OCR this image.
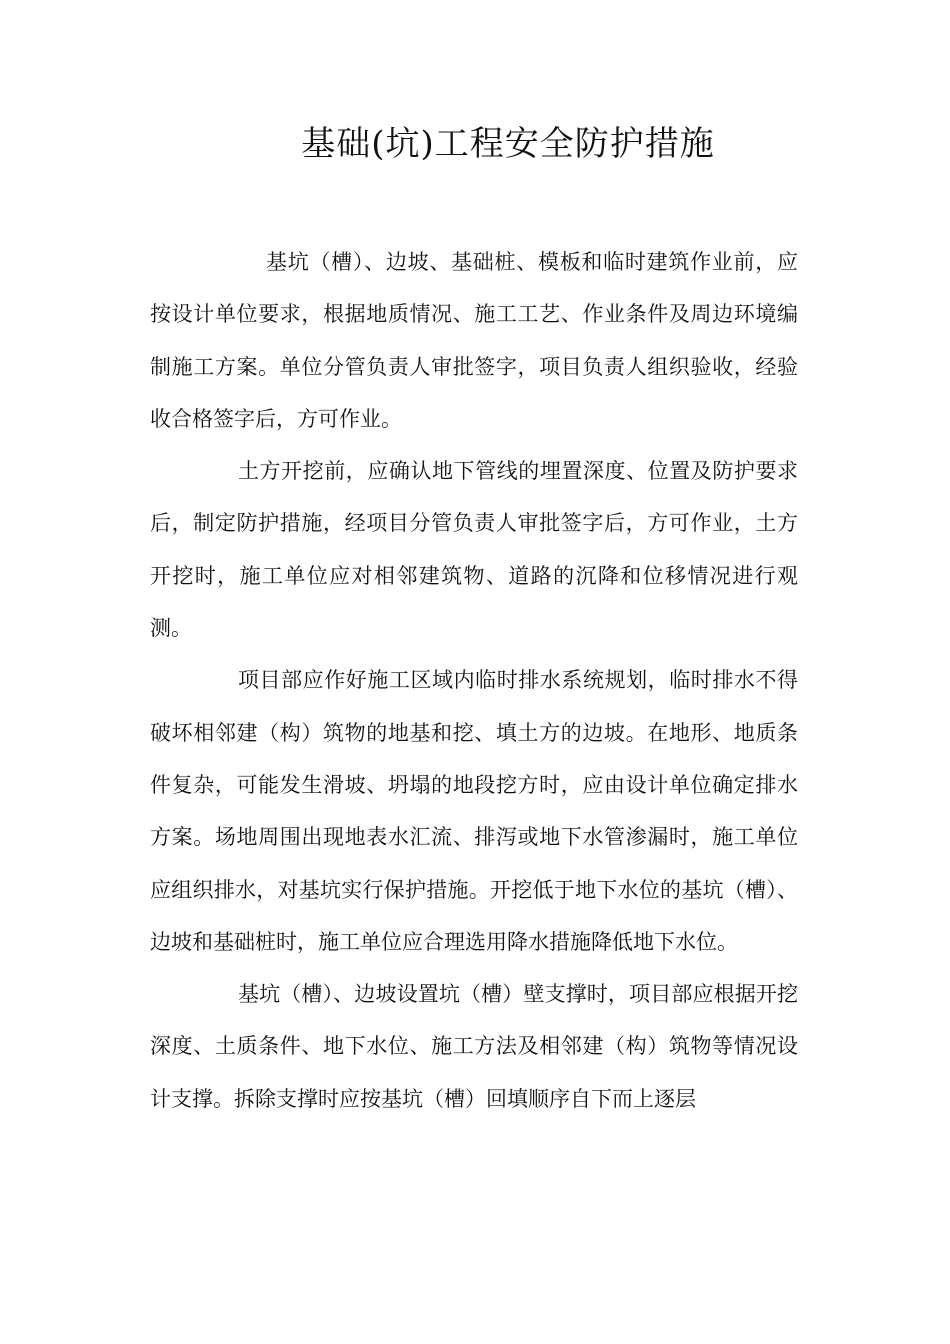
基础(坑)工程安全防护措施

基坑（槽）、边坡、基础桩、模板和临时建筑作业前，应按设计单位要求，根据地质情况、施工工艺、作业条件及周边环境编制施工方案。单位分管负责人审批签字，项目负责人组织验收，经验收合格签字后，方可作业。

土方开挖前，应确认地下管线的埋置深度、位置及防护要求后，制定防护措施，经项目分管负责人审批签字后，方可作业，土方开挖时，施工单位应对相邻建筑物、道路的沉降和位移情况进行观测。

项目部应作好施工区域内临时排水系统规划，临时排水不得破坏相邻建（构）筑物的地基和挖、填土方的边坡。在地形、地质条件复杂，可能发生滑坡、坍塌的地段挖方时，应由设计单位确定排水方案。场地周围出现地表水汇流、排泻或地下水管渗漏时，施工单位应组织排水，对基坑实行保护措施。开挖低于地下水位的基坑（槽）、边坡和基础桩时，施工单位应合理选用降水措施降低地下水位。

基坑（槽）、边坡设置坑（槽）壁支撑时，项目部应根据开挖深度、土质条件、地下水位、施工方法及相邻建（构）筑物等情况设计支撑。拆除支撑时应按基坑（槽）回填顺序自下而上逐层
